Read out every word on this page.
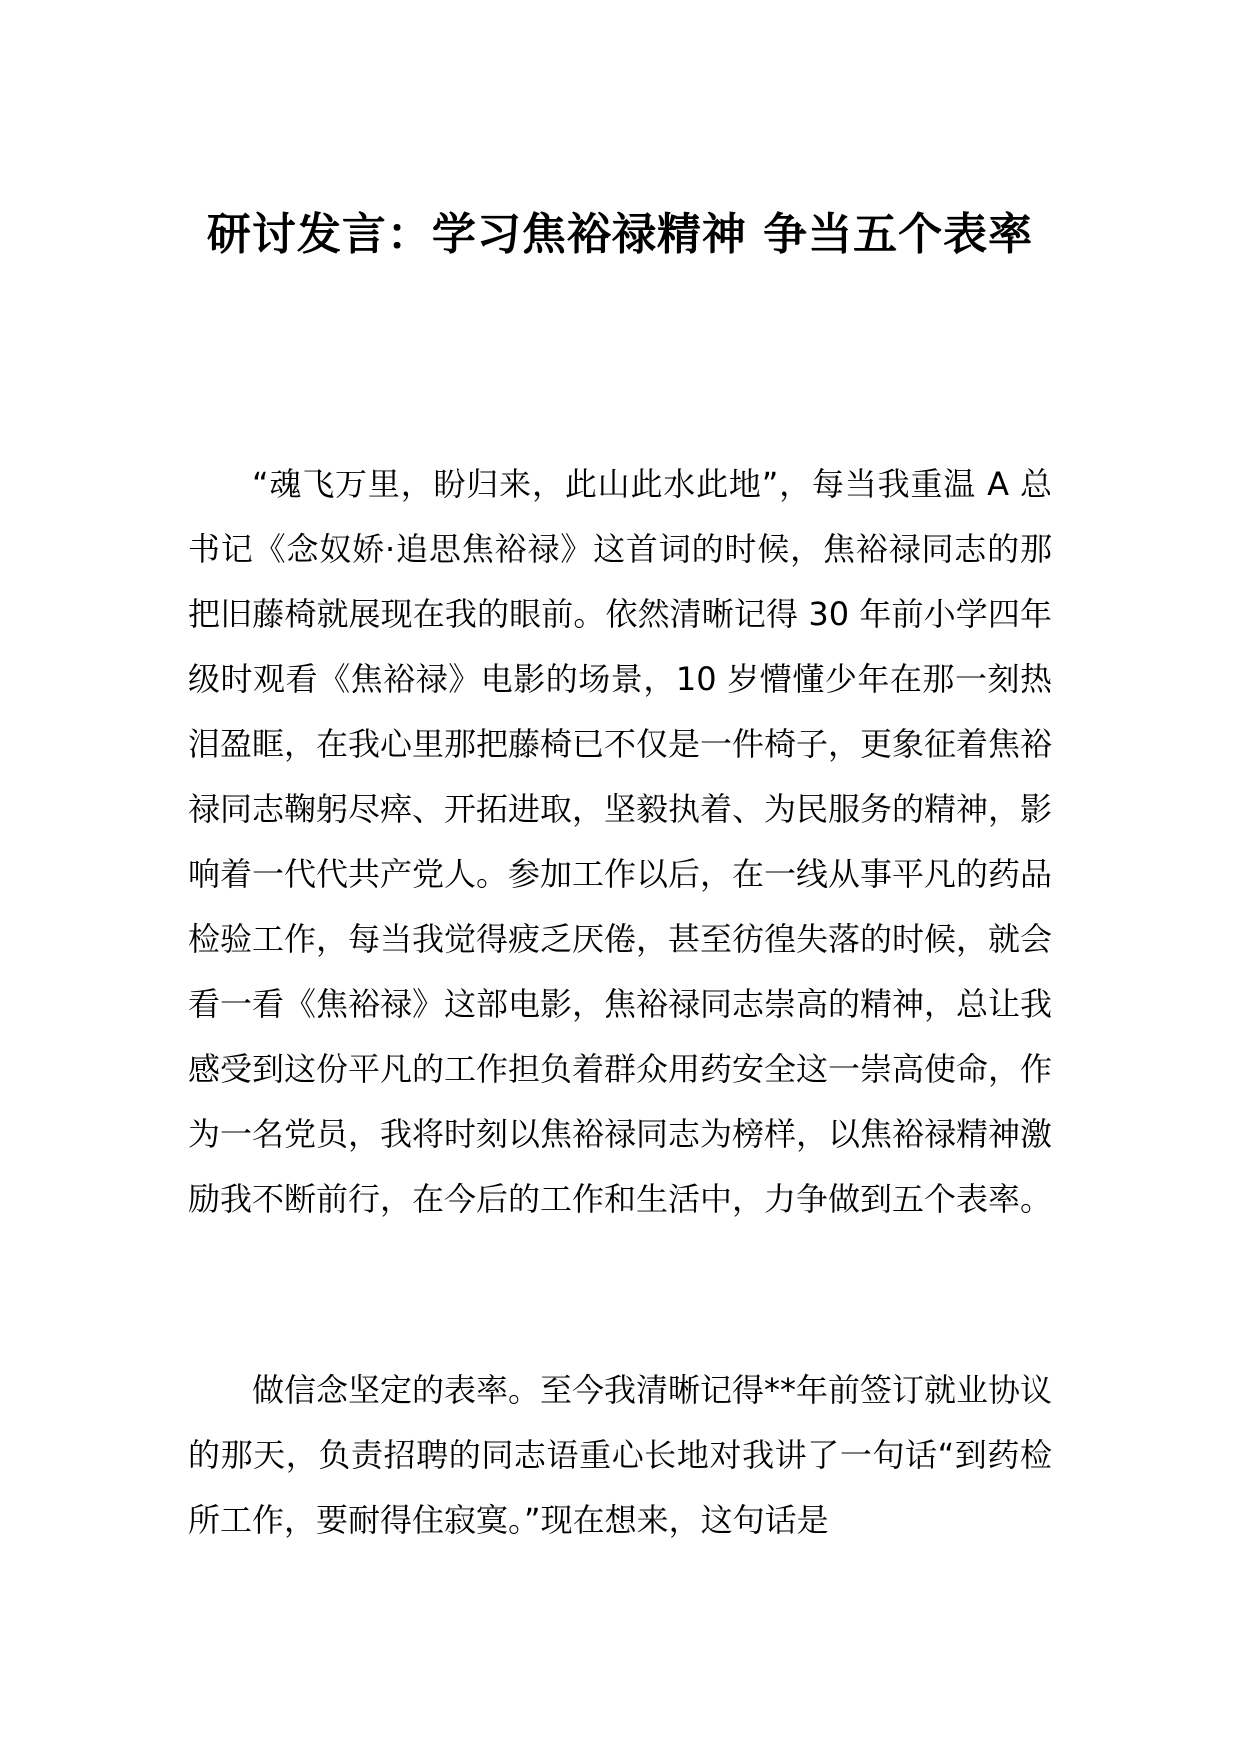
研讨发言：学习焦裕禄精神 争当五个表率

“魂飞万里，盼归来，此山此水此地”，每当我重温 A 总书记《念奴娇·追思焦裕禄》这首词的时候，焦裕禄同志的那把旧藤椅就展现在我的眼前。依然清晰记得 30 年前小学四年级时观看《焦裕禄》电影的场景，10 岁懵懂少年在那一刻热泪盈眶，在我心里那把藤椅已不仅是一件椅子，更象征着焦裕禄同志鞠躬尽瘁、开拓进取，坚毅执着、为民服务的精神，影响着一代代共产党人。参加工作以后，在一线从事平凡的药品检验工作，每当我觉得疲乏厌倦，甚至彷徨失落的时候，就会看一看《焦裕禄》这部电影，焦裕禄同志崇高的精神，总让我感受到这份平凡的工作担负着群众用药安全这一崇高使命，作为一名党员，我将时刻以焦裕禄同志为榜样，以焦裕禄精神激励我不断前行，在今后的工作和生活中，力争做到五个表率。

做信念坚定的表率。至今我清晰记得**年前签订就业协议的那天，负责招聘的同志语重心长地对我讲了一句话“到药检所工作，要耐得住寂寞。”现在想来，这句话是
